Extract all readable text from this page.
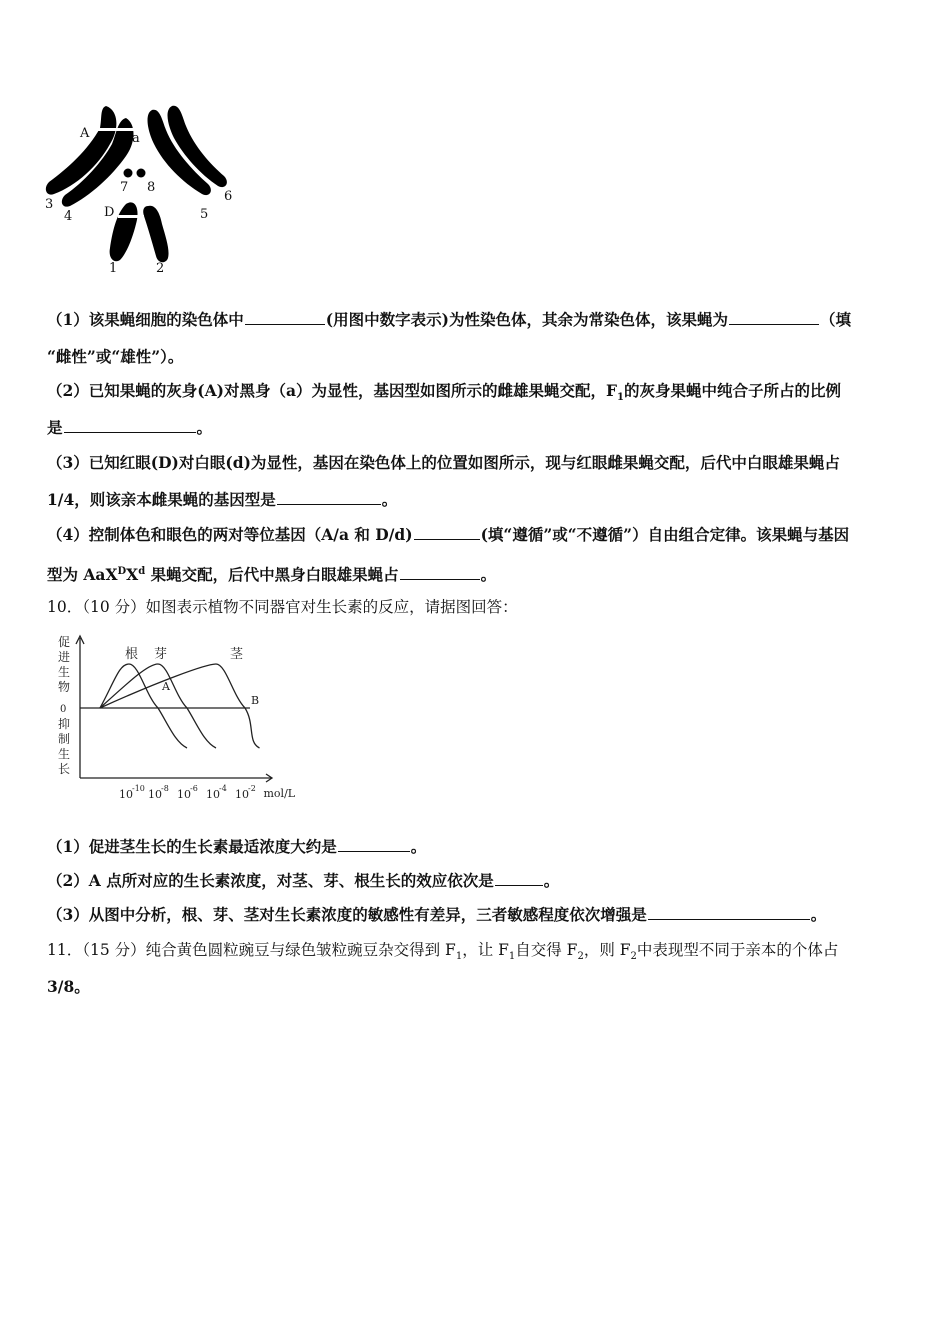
A	a
D
7 8
3
4	5
6
1	2
（1）该果蝇细胞的染色体中	(用图中数字表示)为性染色体，其余为常染色体，该果蝇为	（填
“雌性”或“雄性”）。
（2）已知果蝇的灰身(A)对黑身（a）为显性，基因型如图所示的雌雄果蝇交配，$F_1$的灰身果蝇中纯合子所占的比例
是	。
（3）已知红眼(D)对白眼(d)为显性，基因在染色体上的位置如图所示，现与红眼雌果蝇交配，后代中白眼雄果蝇占
1/4，则该亲本雌果蝇的基因型是	。
（4）控制体色和眼色的两对等位基因（A/a 和 D/d)	(填“遵循”或“不遵循”）自由组合定律。该果蝇与基因
型为 $AaX^DX^d$ 果蝇交配，后代中黑身白眼雄果蝇占	。
10．（10 分）如图表示植物不同器官对生长素的反应，请据图回答：
促
进
生
物
0
抑
制
生
长
根 芽	茎
A
B
10 -10 10 -8 10 -6 10 -4 10 -2 mol/L
（1）促进茎生长的生长素最适浓度大约是	。
（2）A 点所对应的生长素浓度，对茎、芽、根生长的效应依次是	。
（3）从图中分析，根、芽、茎对生长素浓度的敏感性有差异，三者敏感程度依次增强是	。
11．（15 分）纯合黄色圆粒豌豆与绿色皱粒豌豆杂交得到 $F_1$，让 $F_1$自交得 $F_2$，则 $F_2$中表现型不同于亲本的个体占
3/8。
